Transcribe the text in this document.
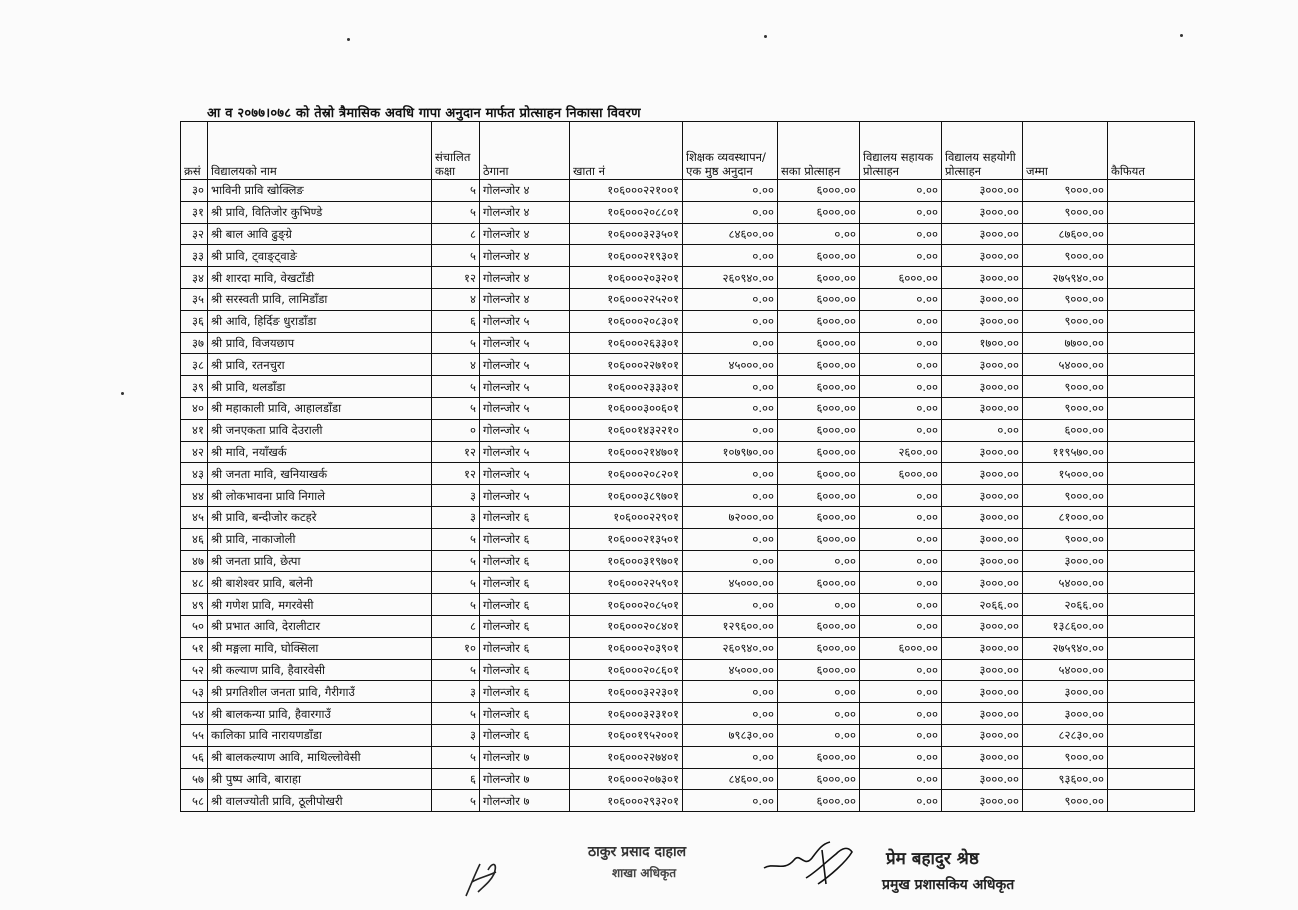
आ व २०७७।०७८ को तेस्रो त्रैमासिक अवधि गापा अनुदान मार्फत प्रोत्साहन निकासा विवरण
क्रसं	विद्यालयको नाम	संचालित कक्षा	ठेगाना	खाता नं	शिक्षक व्यवस्थापन/एक मुष्ठ अनुदान	सका प्रोत्साहन	विद्यालय सहायक प्रोत्साहन	विद्यालय सहयोगी प्रोत्साहन	जम्मा	कैफियत
३०	भाविनी प्रावि खोक्लिङ	५	गोलन्जोर ४	१०६०००२२१००१	०.००	६०००.००	०.००	३०००.००	९०००.००	
३१	श्री प्रावि, वितिजोर कुभिण्डे	५	गोलन्जोर ४	१०६०००२०८८०१	०.००	६०००.००	०.००	३०००.००	९०००.००	
३२	श्री बाल आवि ढुङ्ग्रे	८	गोलन्जोर ४	१०६०००३२३५०१	८४६००.००	०.००	०.००	३०००.००	८७६००.००	
३३	श्री प्रावि, ट्वाङ्ट्वाङे	५	गोलन्जोर ४	१०६०००२१९३०१	०.००	६०००.००	०.००	३०००.००	९०००.००	
३४	श्री शारदा मावि, वेखटाँडी	१२	गोलन्जोर ४	१०६०००२०३२०१	२६०९४०.००	६०००.००	६०००.००	३०००.००	२७५९४०.००	
३५	श्री सरस्वती प्रावि, लामिडाँडा	४	गोलन्जोर ४	१०६०००२२५२०१	०.००	६०००.००	०.००	३०००.००	९०००.००	
३६	श्री आवि, हिर्दिङ धुराडाँडा	६	गोलन्जोर ५	१०६०००२०८३०१	०.००	६०००.००	०.००	३०००.००	९०००.००	
३७	श्री प्रावि, विजयछाप	५	गोलन्जोर ५	१०६०००२६३३०१	०.००	६०००.००	०.००	१७००.००	७७००.००	
३८	श्री प्रावि, रतनचुरा	४	गोलन्जोर ५	१०६०००२२७१०१	४५०००.००	६०००.००	०.००	३०००.००	५४०००.००	
३९	श्री प्रावि, थलडाँडा	५	गोलन्जोर ५	१०६०००२३३३०१	०.००	६०००.००	०.००	३०००.००	९०००.००	
४०	श्री महाकाली प्रावि, आहालडाँडा	५	गोलन्जोर ५	१०६०००३००६०१	०.००	६०००.००	०.००	३०००.००	९०००.००	
४१	श्री जनएकता प्रावि देउराली	०	गोलन्जोर ५	१०६००१४३२२१०	०.००	६०००.००	०.००	०.००	६०००.००	
४२	श्री मावि, नयाँखर्क	१२	गोलन्जोर ५	१०६०००२१४७०१	१०७९७०.००	६०००.००	२६००.००	३०००.००	११९५७०.००	
४३	श्री जनता मावि, खनियाखर्क	१२	गोलन्जोर ५	१०६०००२०८२०१	०.००	६०००.००	६०००.००	३०००.००	१५०००.००	
४४	श्री लोकभावना प्रावि निगाले	३	गोलन्जोर ५	१०६०००३८९७०१	०.००	६०००.००	०.००	३०००.००	९०००.००	
४५	श्री प्रावि, बन्दीजोर कटहरे	३	गोलन्जोर ६	१०६०००२२९०१	७२०००.००	६०००.००	०.००	३०००.००	८१०००.००	
४६	श्री प्रावि, नाकाजोली	५	गोलन्जोर ६	१०६०००२१३५०१	०.००	६०००.००	०.००	३०००.००	९०००.००	
४७	श्री जनता प्रावि, छेत्पा	५	गोलन्जोर ६	१०६०००३१९७०१	०.००	०.००	०.००	३०००.००	३०००.००	
४८	श्री बाशेश्वर प्रावि, बलेनी	५	गोलन्जोर ६	१०६०००२२५९०१	४५०००.००	६०००.००	०.००	३०००.००	५४०००.००	
४९	श्री गणेश प्रावि, मगरवेसी	५	गोलन्जोर ६	१०६०००२०८५०१	०.००	०.००	०.००	२०६६.००	२०६६.००	
५०	श्री प्रभात आवि, देरालीटार	८	गोलन्जोर ६	१०६०००२०८४०१	१२९६००.००	६०००.००	०.००	३०००.००	१३८६००.००	
५१	श्री मङ्गला मावि, घोक्सिला	१०	गोलन्जोर ६	१०६०००२०३९०१	२६०९४०.००	६०००.००	६०००.००	३०००.००	२७५९४०.००	
५२	श्री कल्याण प्रावि, हैवारवेसी	५	गोलन्जोर ६	१०६०००२०८६०१	४५०००.००	६०००.००	०.००	३०००.००	५४०००.००	
५३	श्री प्रगतिशील जनता प्रावि, गैरीगाउँ	३	गोलन्जोर ६	१०६०००३२२३०१	०.००	०.००	०.००	३०००.००	३०००.००	
५४	श्री बालकन्या प्रावि, हैवारगाउँ	५	गोलन्जोर ६	१०६०००३२३१०१	०.००	०.००	०.००	३०००.००	३०००.००	
५५	कालिका प्रावि नारायणडाँडा	३	गोलन्जोर ६	१०६००१९५२००१	७९८३०.००	०.००	०.००	३०००.००	८२८३०.००	
५६	श्री बालकल्याण आवि, माथिल्लोवेसी	५	गोलन्जोर ७	१०६०००२२७४०१	०.००	६०००.००	०.००	३०००.००	९०००.००	
५७	श्री पुष्प आवि, बाराहा	६	गोलन्जोर ७	१०६०००२०७३०१	८४६००.००	६०००.००	०.००	३०००.००	९३६००.००	
५८	श्री वालज्योती प्रावि, ठूलीपोखरी	५	गोलन्जोर ७	१०६०००२९३२०१	०.००	६०००.००	०.००	३०००.००	९०००.००	
ठाकुर प्रसाद दाहाल
शाखा अधिकृत
प्रेम बहादुर श्रेष्ठ
प्रमुख प्रशासकिय अधिकृत
